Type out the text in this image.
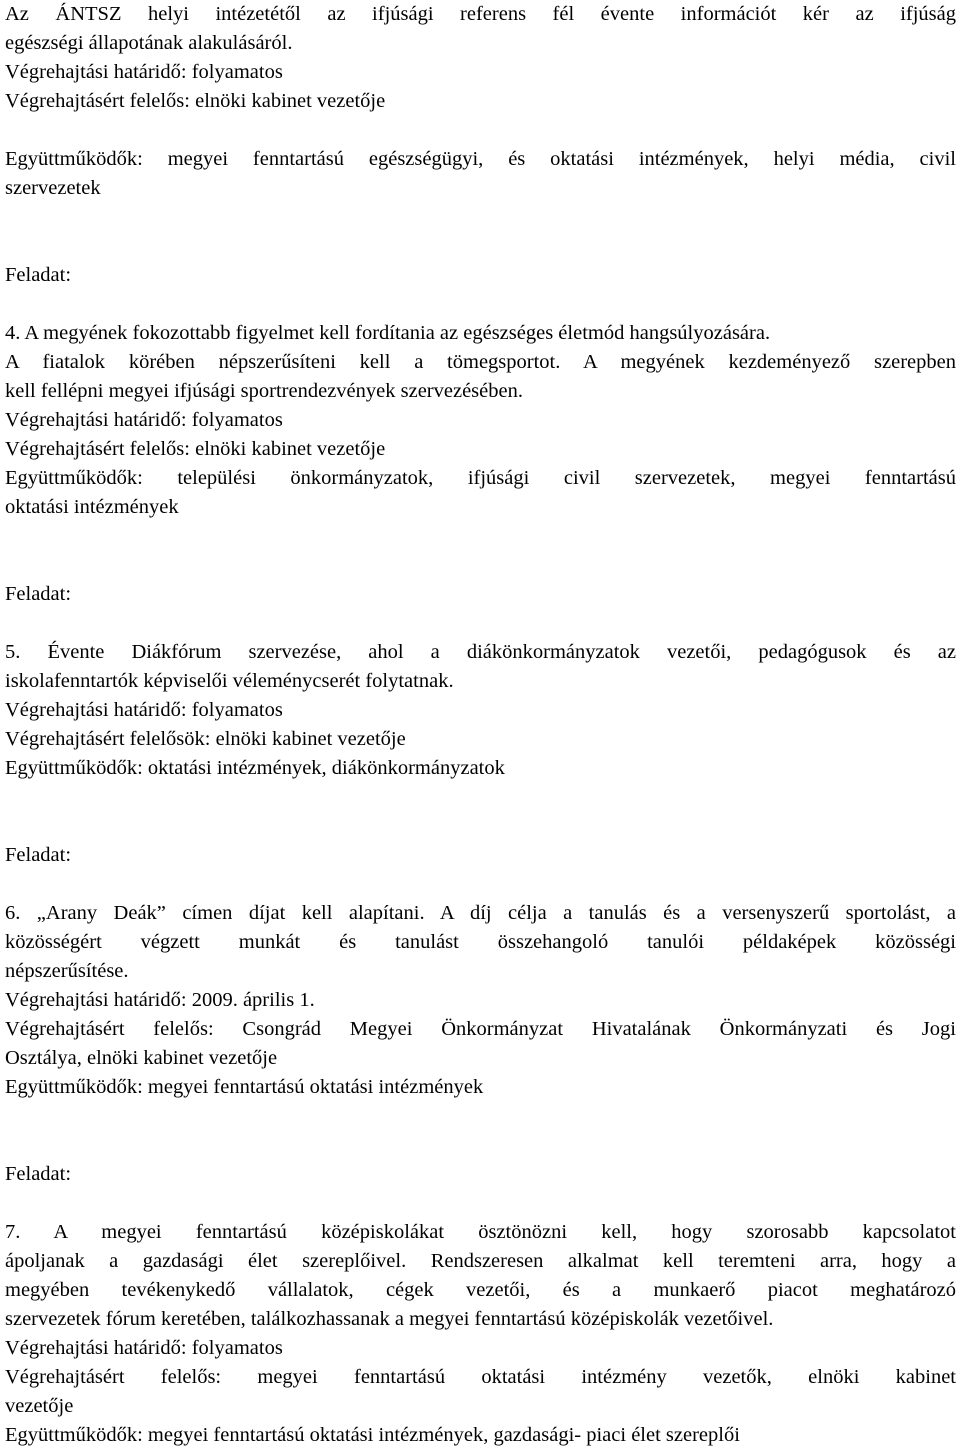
Az ÁNTSZ helyi intézetétől az ifjúsági referens fél évente információt kér az ifjúság
egészségi állapotának alakulásáról.
Végrehajtási határidő: folyamatos
Végrehajtásért felelős: elnöki kabinet vezetője
Együttműködők: megyei fenntartású egészségügyi, és oktatási intézmények, helyi média, civil
szervezetek
Feladat:
4. A megyének fokozottabb figyelmet kell fordítania az egészséges életmód hangsúlyozására.
A fiatalok körében népszerűsíteni kell a tömegsportot. A megyének kezdeményező szerepben
kell fellépni megyei ifjúsági sportrendezvények szervezésében.
Végrehajtási határidő: folyamatos
Végrehajtásért felelős: elnöki kabinet vezetője
Együttműködők: települési önkormányzatok, ifjúsági civil szervezetek, megyei fenntartású
oktatási intézmények
Feladat:
5. Évente Diákfórum szervezése, ahol a diákönkormányzatok vezetői, pedagógusok és az
iskolafenntartók képviselői véleménycserét folytatnak.
Végrehajtási határidő: folyamatos
Végrehajtásért felelősök: elnöki kabinet vezetője
Együttműködők: oktatási intézmények, diákönkormányzatok
Feladat:
6. „Arany Deák” címen díjat kell alapítani. A díj célja a tanulás és a versenyszerű sportolást, a
közösségért végzett munkát és tanulást összehangoló tanulói példaképek közösségi
népszerűsítése.
Végrehajtási határidő: 2009. április 1.
Végrehajtásért felelős: Csongrád Megyei Önkormányzat Hivatalának Önkormányzati és Jogi
Osztálya, elnöki kabinet vezetője
Együttműködők: megyei fenntartású oktatási intézmények
Feladat:
7. A megyei fenntartású középiskolákat ösztönözni kell, hogy szorosabb kapcsolatot
ápoljanak a gazdasági élet szereplőivel. Rendszeresen alkalmat kell teremteni arra, hogy a
megyében tevékenykedő vállalatok, cégek vezetői, és a munkaerő piacot meghatározó
szervezetek fórum keretében, találkozhassanak a megyei fenntartású középiskolák vezetőivel.
Végrehajtási határidő: folyamatos
Végrehajtásért felelős: megyei fenntartású oktatási intézmény vezetők, elnöki kabinet
vezetője
Együttműködők: megyei fenntartású oktatási intézmények, gazdasági- piaci élet szereplői
